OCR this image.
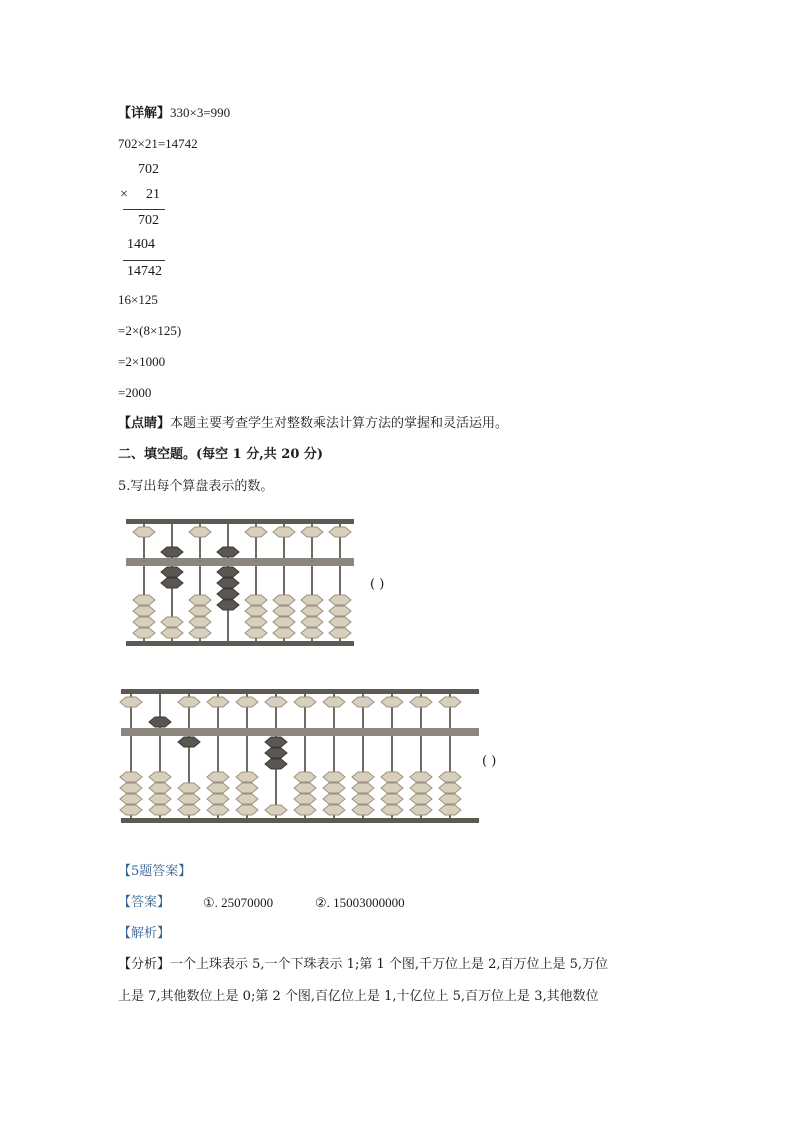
【详解】330×3=990
702×21=14742
702
× 21
702
1404
14742
16×125
=2×(8×125)
=2×1000
=2000
【点睛】本题主要考查学生对整数乘法计算方法的掌握和灵活运用。
二、填空题。(每空 1 分,共 20 分)
5.写出每个算盘表示的数。
( )
( )
【5题答案】
【答案】	①. 25070000	②. 15003000000
【解析】
【分析】一个上珠表示 5,一个下珠表示 1;第 1 个图,千万位上是 2,百万位上是 5,万位
上是 7,其他数位上是 0;第 2 个图,百亿位上是 1,十亿位上 5,百万位上是 3,其他数位
